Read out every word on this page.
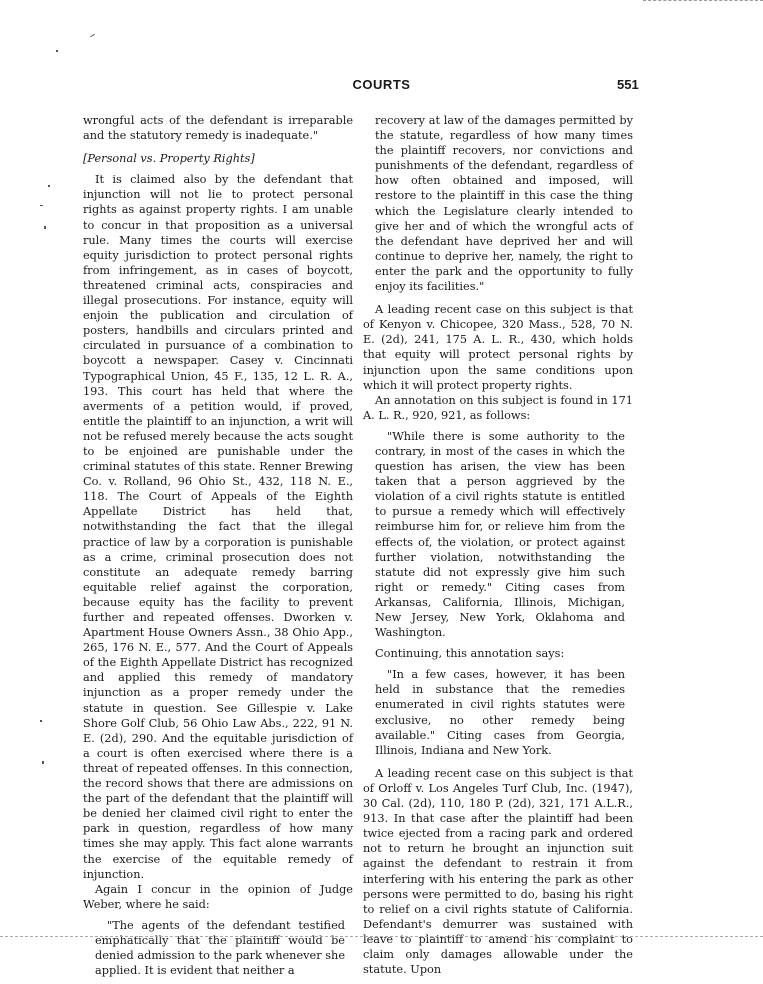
COURTS	551

wrongful acts of the defendant is irreparable and the statutory remedy is inadequate."

[Personal vs. Property Rights]

It is claimed also by the defendant that injunction will not lie to protect personal rights as against property rights. I am unable to concur in that proposition as a universal rule. Many times the courts will exercise equity jurisdiction to protect personal rights from infringement, as in cases of boycott, threatened criminal acts, conspiracies and illegal prosecutions. For instance, equity will enjoin the publication and circulation of posters, handbills and circulars printed and circulated in pursuance of a combination to boycott a newspaper. Casey v. Cincinnati Typographical Union, 45 F., 135, 12 L. R. A., 193. This court has held that where the averments of a petition would, if proved, entitle the plaintiff to an injunction, a writ will not be refused merely because the acts sought to be enjoined are punishable under the criminal statutes of this state. Renner Brewing Co. v. Rolland, 96 Ohio St., 432, 118 N. E., 118. The Court of Appeals of the Eighth Appellate District has held that, notwithstanding the fact that the illegal practice of law by a corporation is punishable as a crime, criminal prosecution does not constitute an adequate remedy barring equitable relief against the corporation, because equity has the facility to prevent further and repeated offenses. Dworken v. Apartment House Owners Assn., 38 Ohio App., 265, 176 N. E., 577. And the Court of Appeals of the Eighth Appellate District has recognized and applied this remedy of mandatory injunction as a proper remedy under the statute in question. See Gillespie v. Lake Shore Golf Club, 56 Ohio Law Abs., 222, 91 N. E. (2d), 290. And the equitable jurisdiction of a court is often exercised where there is a threat of repeated offenses. In this connection, the record shows that there are admissions on the part of the defendant that the plaintiff will be denied her claimed civil right to enter the park in question, regardless of how many times she may apply. This fact alone warrants the exercise of the equitable remedy of injunction.

Again I concur in the opinion of Judge Weber, where he said:

"The agents of the defendant testified emphatically that the plaintiff would be denied admission to the park whenever she applied. It is evident that neither a

recovery at law of the damages permitted by the statute, regardless of how many times the plaintiff recovers, nor convictions and punishments of the defendant, regardless of how often obtained and imposed, will restore to the plaintiff in this case the thing which the Legislature clearly intended to give her and of which the wrongful acts of the defendant have deprived her and will continue to deprive her, namely, the right to enter the park and the opportunity to fully enjoy its facilities."

A leading recent case on this subject is that of Kenyon v. Chicopee, 320 Mass., 528, 70 N. E. (2d), 241, 175 A. L. R., 430, which holds that equity will protect personal rights by injunction upon the same conditions upon which it will protect property rights.

An annotation on this subject is found in 171 A. L. R., 920, 921, as follows:

"While there is some authority to the contrary, in most of the cases in which the question has arisen, the view has been taken that a person aggrieved by the violation of a civil rights statute is entitled to pursue a remedy which will effectively reimburse him for, or relieve him from the effects of, the violation, or protect against further violation, notwithstanding the statute did not expressly give him such right or remedy." Citing cases from Arkansas, California, Illinois, Michigan, New Jersey, New York, Oklahoma and Washington.

Continuing, this annotation says:

"In a few cases, however, it has been held in substance that the remedies enumerated in civil rights statutes were exclusive, no other remedy being available." Citing cases from Georgia, Illinois, Indiana and New York.

A leading recent case on this subject is that of Orloff v. Los Angeles Turf Club, Inc. (1947), 30 Cal. (2d), 110, 180 P. (2d), 321, 171 A.L.R., 913. In that case after the plaintiff had been twice ejected from a racing park and ordered not to return he brought an injunction suit against the defendant to restrain it from interfering with his entering the park as other persons were permitted to do, basing his right to relief on a civil rights statute of California. Defendant's demurrer was sustained with leave to plaintiff to amend his complaint to claim only damages allowable under the statute. Upon
